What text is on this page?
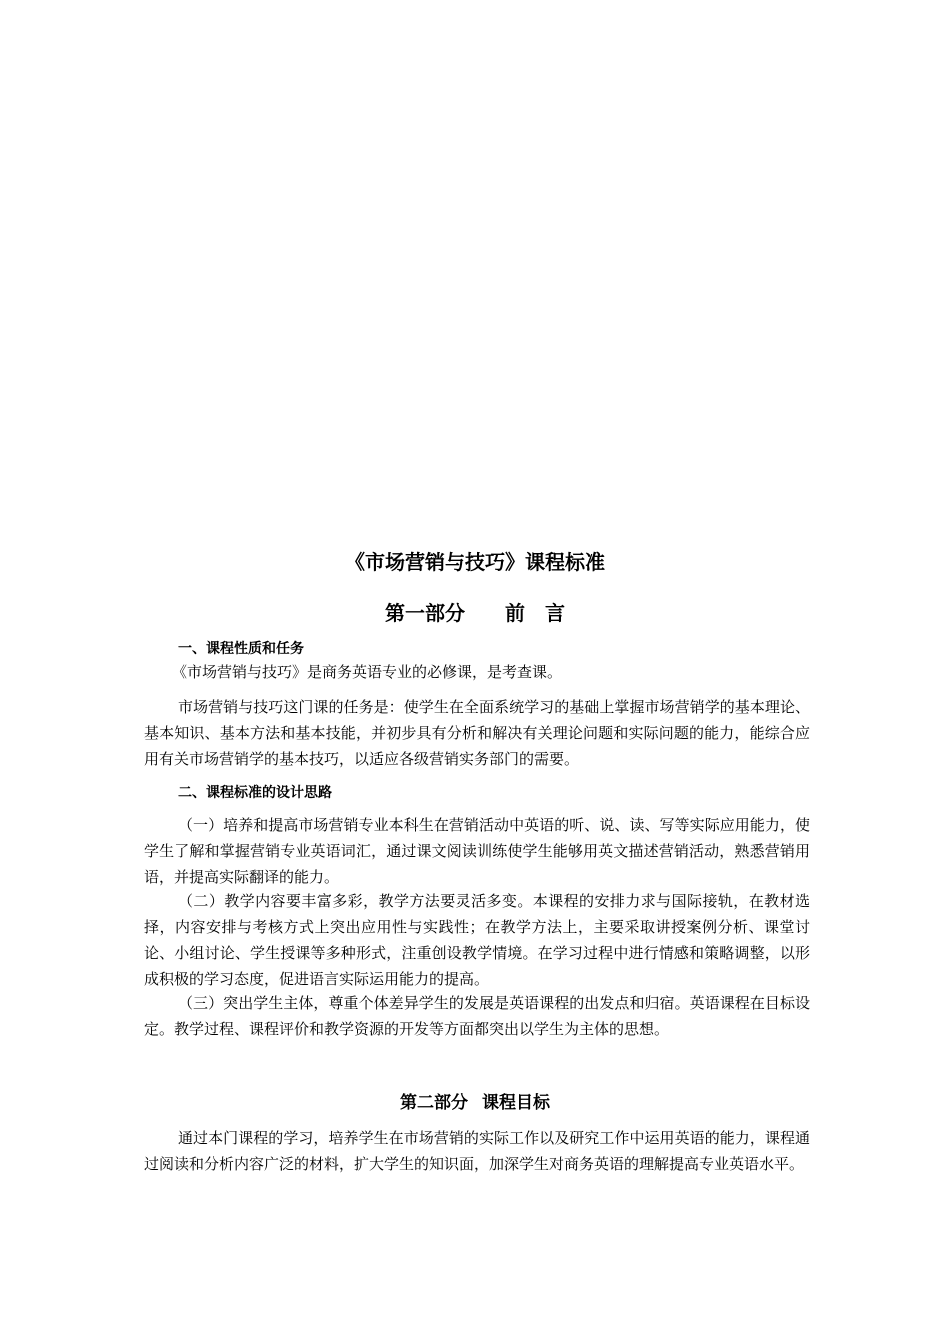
《市场营销与技巧》课程标准
第一部分 前　言
一、课程性质和任务

《市场营销与技巧》是商务英语专业的必修课，是考查课。

市场营销与技巧这门课的任务是：使学生在全面系统学习的基础上掌握市场营销学的基本理论、基本知识、基本方法和基本技能，并初步具有分析和解决有关理论问题和实际问题的能力，能综合应用有关市场营销学的基本技巧，以适应各级营销实务部门的需要。

二、课程标准的设计思路

（一）培养和提高市场营销专业本科生在营销活动中英语的听、说、读、写等实际应用能力，使学生了解和掌握营销专业英语词汇，通过课文阅读训练使学生能够用英文描述营销活动，熟悉营销用语，并提高实际翻译的能力。

（二）教学内容要丰富多彩，教学方法要灵活多变。本课程的安排力求与国际接轨，在教材选择，内容安排与考核方式上突出应用性与实践性；在教学方法上，主要采取讲授案例分析、课堂讨论、小组讨论、学生授课等多种形式，注重创设教学情境。在学习过程中进行情感和策略调整，以形成积极的学习态度，促进语言实际运用能力的提高。

（三）突出学生主体，尊重个体差异学生的发展是英语课程的出发点和归宿。英语课程在目标设定。教学过程、课程评价和教学资源的开发等方面都突出以学生为主体的思想。

第二部分 课程目标

通过本门课程的学习，培养学生在市场营销的实际工作以及研究工作中运用英语的能力，课程通过阅读和分析内容广泛的材料，扩大学生的知识面，加深学生对商务英语的理解提高专业英语水平。
